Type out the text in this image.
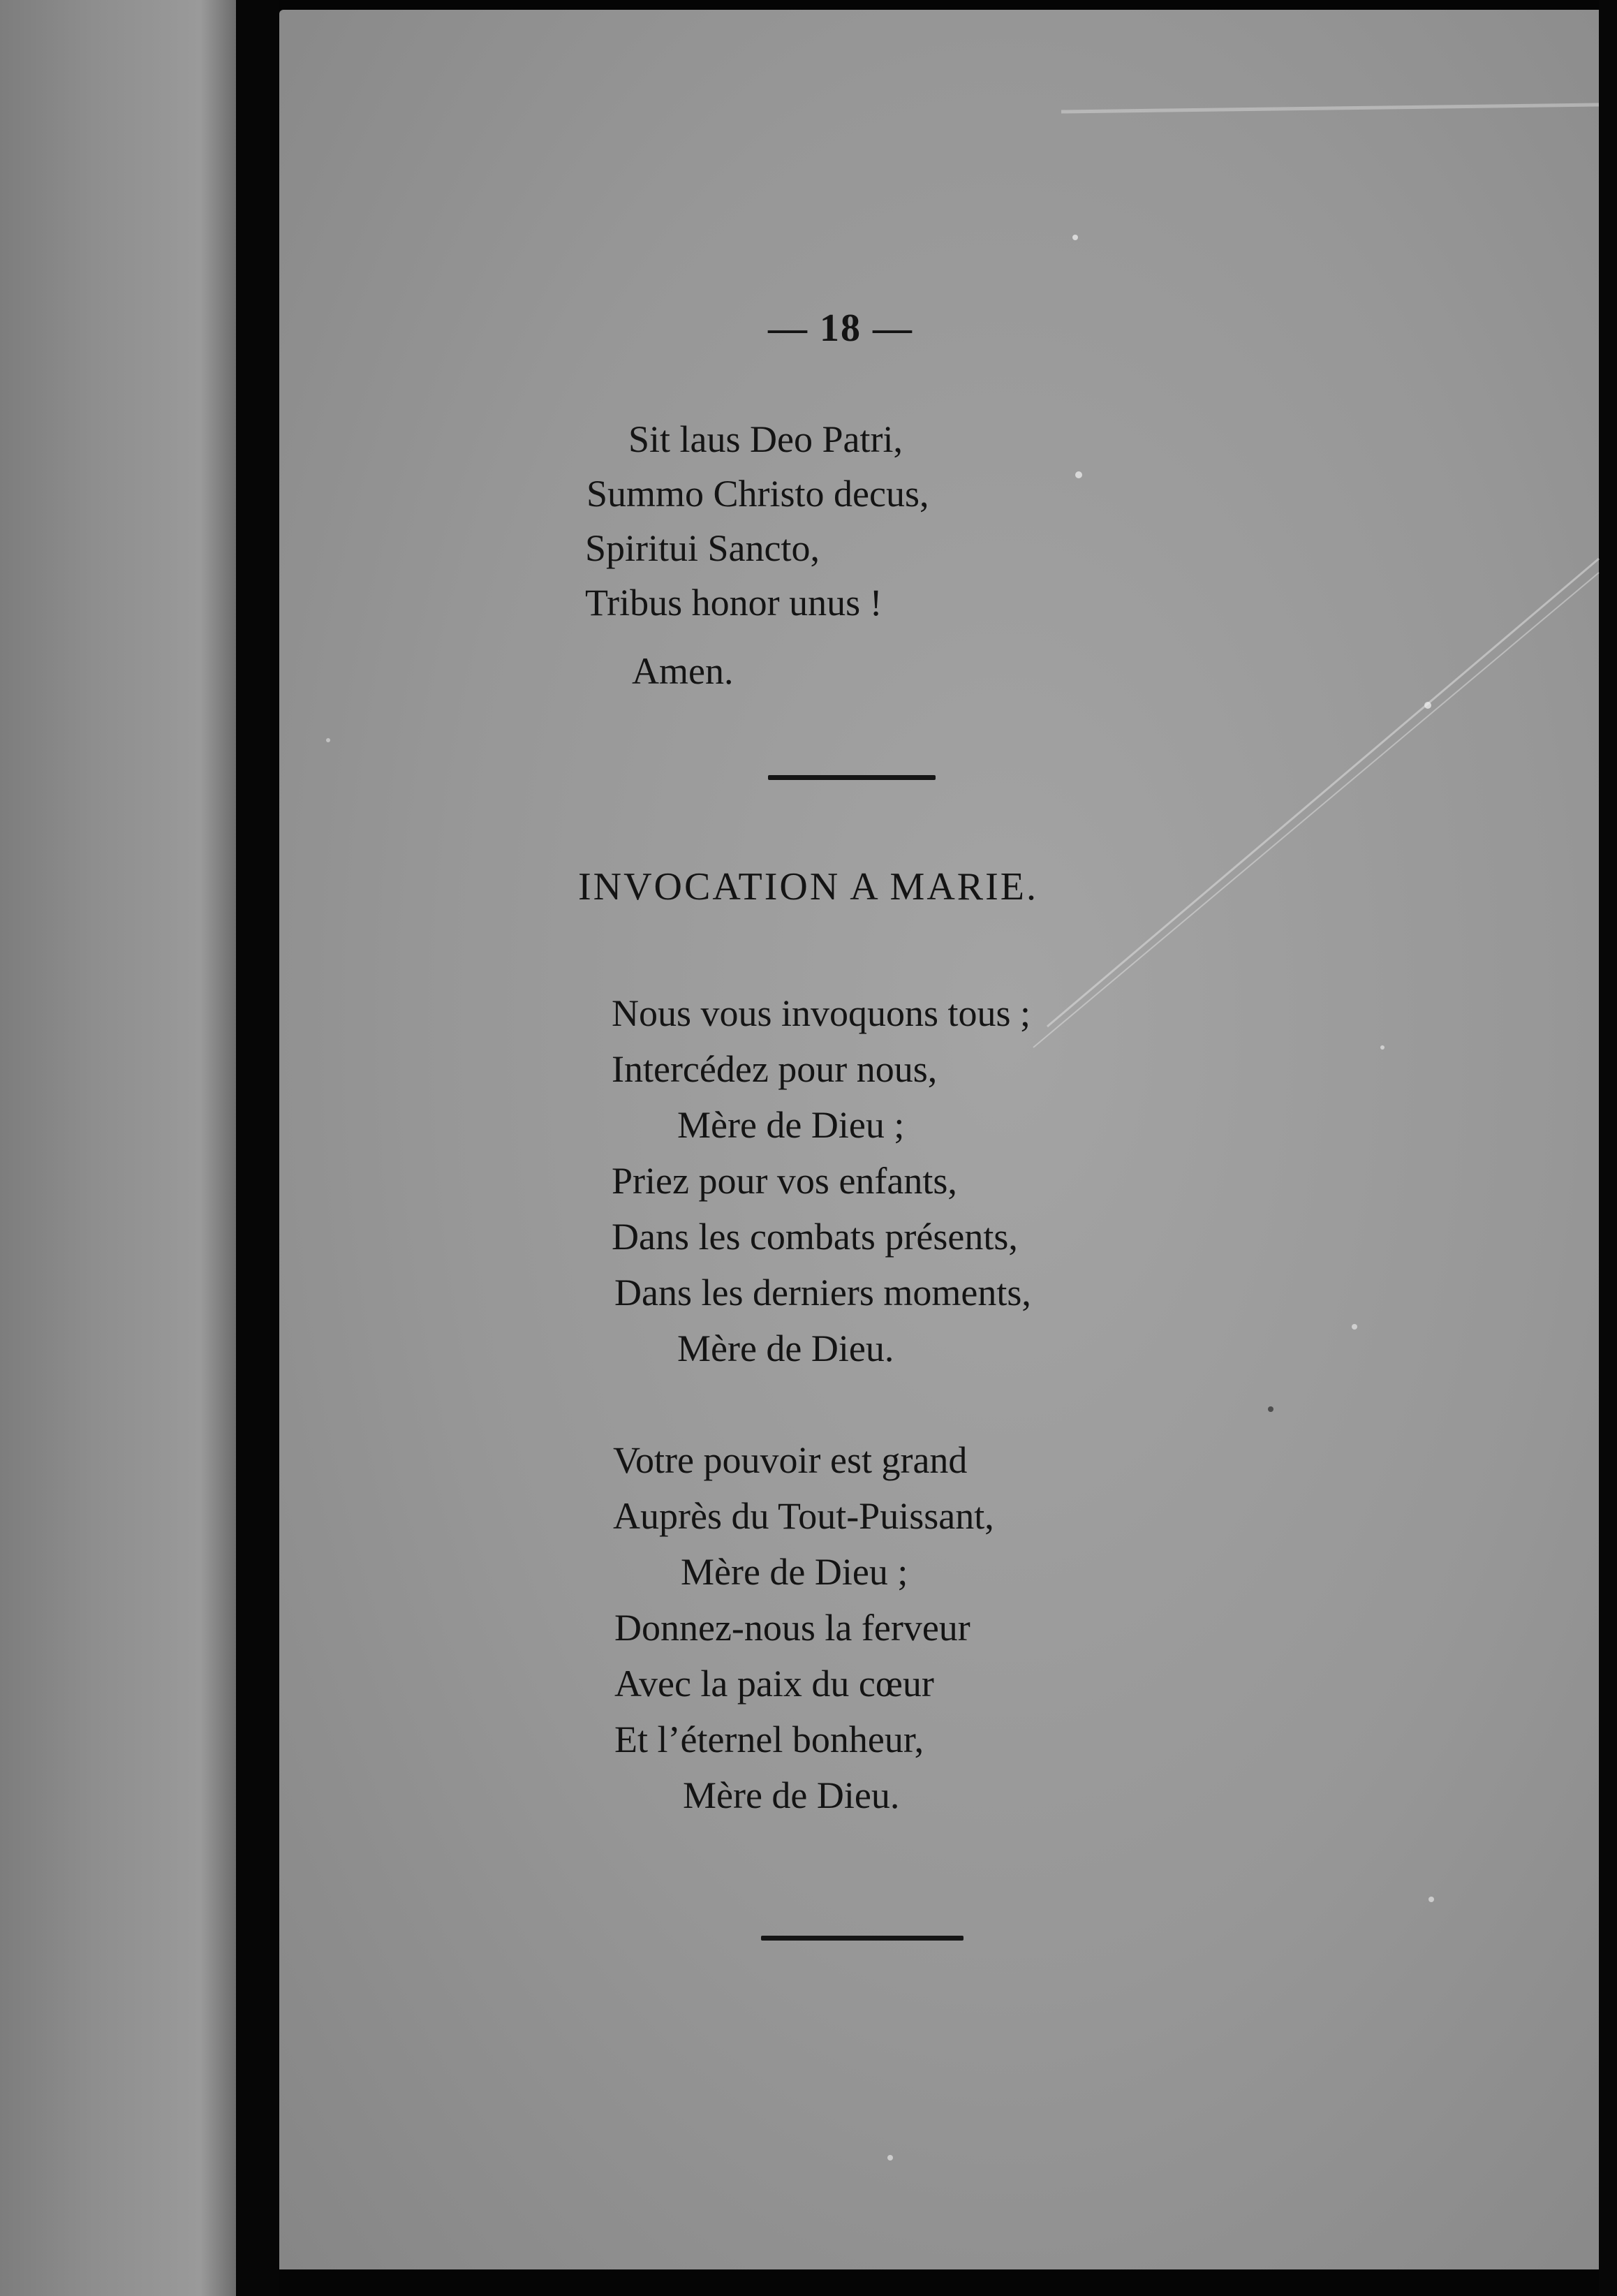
— 18 —
Sit laus Deo Patri,
Summo Christo decus,
Spiritui Sancto,
Tribus honor unus !
Amen.
INVOCATION A MARIE.
Nous vous invoquons tous ;
Intercédez pour nous,
Mère de Dieu ;
Priez pour vos enfants,
Dans les combats présents,
Dans les derniers moments,
Mère de Dieu.
Votre pouvoir est grand
Auprès du Tout-Puissant,
Mère de Dieu ;
Donnez-nous la ferveur
Avec la paix du cœur
Et l’éternel bonheur,
Mère de Dieu.
